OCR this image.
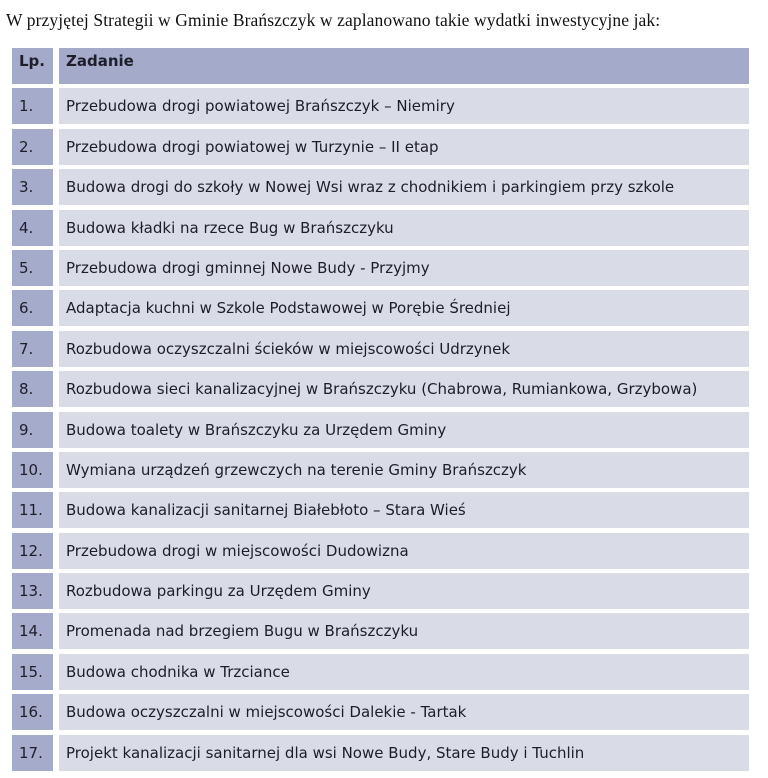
W przyjętej Strategii w Gminie Brańszczyk w zaplanowano takie wydatki inwestycyjne jak:
Lp.	Zadanie
1.	Przebudowa drogi powiatowej Brańszczyk – Niemiry
2.	Przebudowa drogi powiatowej w Turzynie – II etap
3.	Budowa drogi do szkoły w Nowej Wsi wraz z chodnikiem i parkingiem przy szkole
4.	Budowa kładki na rzece Bug w Brańszczyku
5.	Przebudowa drogi gminnej Nowe Budy - Przyjmy
6.	Adaptacja kuchni w Szkole Podstawowej w Porębie Średniej
7.	Rozbudowa oczyszczalni ścieków w miejscowości Udrzynek
8.	Rozbudowa sieci kanalizacyjnej w Brańszczyku (Chabrowa, Rumiankowa, Grzybowa)
9.	Budowa toalety w Brańszczyku za Urzędem Gminy
10.	Wymiana urządzeń grzewczych na terenie Gminy Brańszczyk
11.	Budowa kanalizacji sanitarnej Białebłoto – Stara Wieś
12.	Przebudowa drogi w miejscowości Dudowizna
13.	Rozbudowa parkingu za Urzędem Gminy
14.	Promenada nad brzegiem Bugu w Brańszczyku
15.	Budowa chodnika w Trzciance
16.	Budowa oczyszczalni w miejscowości Dalekie - Tartak
17.	Projekt kanalizacji sanitarnej dla wsi Nowe Budy, Stare Budy i Tuchlin
